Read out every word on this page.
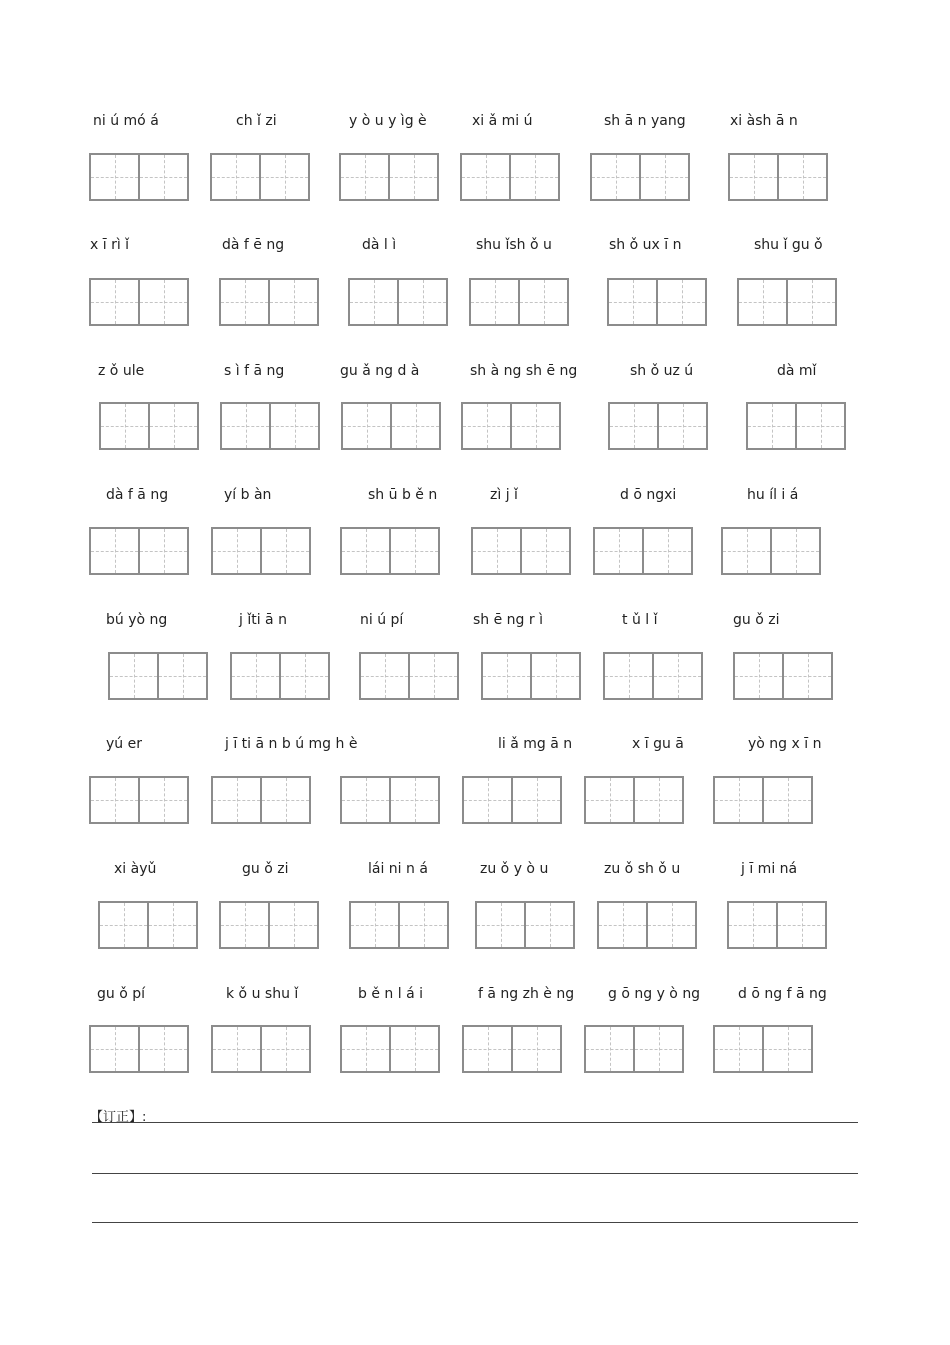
ni ú mó á	ch ǐ zi	y ò u y ìg è	xi ǎ mi ú	sh ā n yang	xi àsh ā n
x ī rì ǐ	dà f ē ng	dà l ì	shu ǐsh ǒ u	sh ǒ ux ī n	shu ǐ gu ǒ
z ǒ ule	s ì f ā ng	gu ǎ ng d à	sh à ng sh ē ng	sh ǒ uz ú	dà mǐ
dà f ā ng	yí b àn	sh ū b ě n	zì j ǐ	d ō ngxi	hu íl i á
bú yò ng	j ǐti ā n	ni ú pí	sh ē ng r ì	t ǔ l ǐ	gu ǒ zi
yú er	j ī ti ā n b ú mg h è	li ǎ mg ā n	x ī gu ā	yò ng x ī n
xi àyǔ	gu ǒ zi	lái ni n á	zu ǒ y ò u	zu ǒ sh ǒ u	j ī mi ná
gu ǒ pí	k ǒ u shu ǐ	b ě n l á i	f ā ng zh è ng g ō ng y ò ng	d ō ng f ā ng
【订正】:
